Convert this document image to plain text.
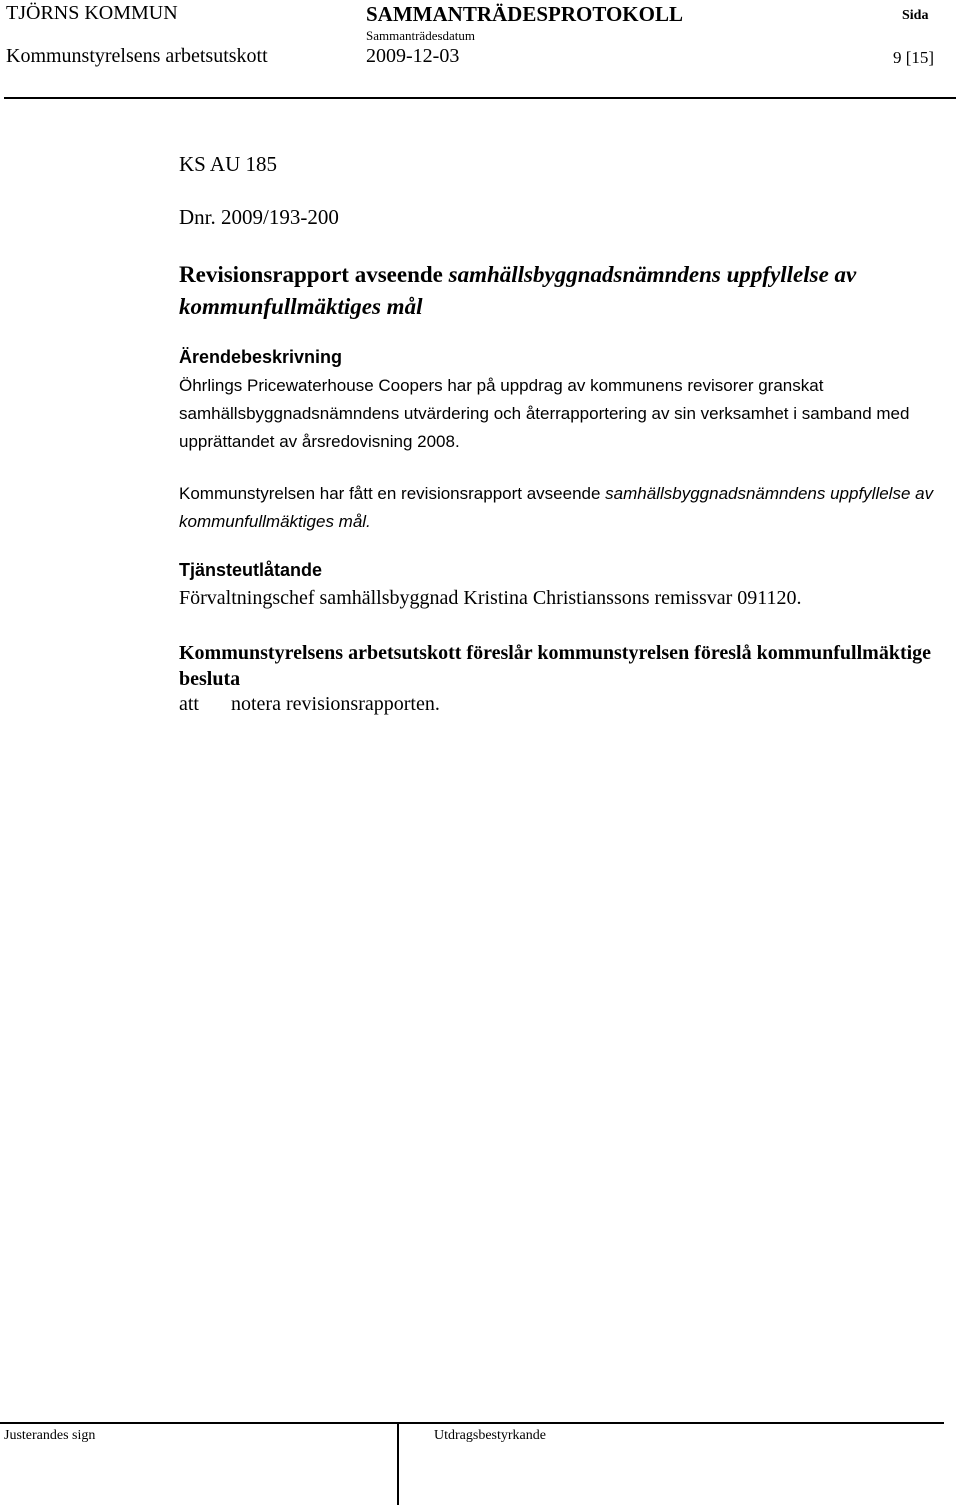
TJÖRNS KOMMUN	SAMMANTRÄDESPROTOKOLL	Sida
Sammanträdesdatum
Kommunstyrelsens arbetsutskott	2009-12-03	9 [15]
KS AU 185
Dnr. 2009/193-200
Revisionsrapport avseende samhällsbyggnadsnämndens uppfyllelse av kommunfullmäktiges mål
Ärendebeskrivning
Öhrlings Pricewaterhouse Coopers har på uppdrag av kommunens revisorer granskat samhällsbyggnadsnämndens utvärdering och återrapportering av sin verksamhet i samband med upprättandet av årsredovisning 2008.
Kommunstyrelsen har fått en revisionsrapport avseende samhällsbyggnadsnämndens uppfyllelse av kommunfullmäktiges mål.
Tjänsteutlåtande
Förvaltningschef samhällsbyggnad Kristina Christianssons remissvar 091120.
Kommunstyrelsens arbetsutskott föreslår kommunstyrelsen föreslå kommunfullmäktige besluta
att notera revisionsrapporten.
Justerandes sign	Utdragsbestyrkande
